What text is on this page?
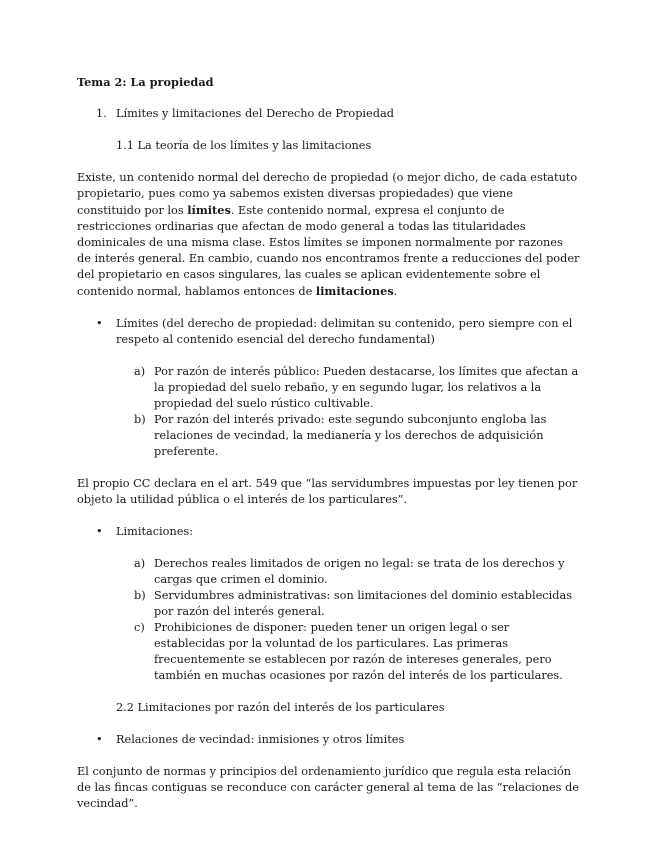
Tema 2: La propiedad
1. Límites y limitaciones del Derecho de Propiedad
1.1 La teoría de los límites y las limitaciones

Existe, un contenido normal del derecho de propiedad (o mejor dicho, de cada estatuto propietario, pues como ya sabemos existen diversas propiedades) que viene constituido por los límites. Este contenido normal, expresa el conjunto de restricciones ordinarias que afectan de modo general a todas las titularidades dominicales de una misma clase. Estos límites se imponen normalmente por razones de interés general. En cambio, cuando nos encontramos frente a reducciones del poder del propietario en casos singulares, las cuales se aplican evidentemente sobre el contenido normal, hablamos entonces de limitaciones.

• Límites (del derecho de propiedad: delimitan su contenido, pero siempre con el respeto al contenido esencial del derecho fundamental)
a) Por razón de interés público: Pueden destacarse, los límites que afectan a la propiedad del suelo rebaño, y en segundo lugar, los relativos a la propiedad del suelo rústico cultivable.
b) Por razón del interés privado: este segundo subconjunto engloba las relaciones de vecindad, la medianería y los derechos de adquisición preferente.

El propio CC declara en el art. 549 que “las servidumbres impuestas por ley tienen por objeto la utilidad pública o el interés de los particulares”.

• Limitaciones:
a) Derechos reales limitados de origen no legal: se trata de los derechos y cargas que crimen el dominio.
b) Servidumbres administrativas: son limitaciones del dominio establecidas por razón del interés general.
c) Prohibiciones de disponer: pueden tener un origen legal o ser establecidas por la voluntad de los particulares. Las primeras frecuentemente se establecen por razón de intereses generales, pero también en muchas ocasiones por razón del interés de los particulares.
2.2 Limitaciones por razón del interés de los particulares
• Relaciones de vecindad: inmisiones y otros límites

El conjunto de normas y principios del ordenamiento jurídico que regula esta relación de las fincas contiguas se reconduce con carácter general al tema de las “relaciones de vecindad”.
